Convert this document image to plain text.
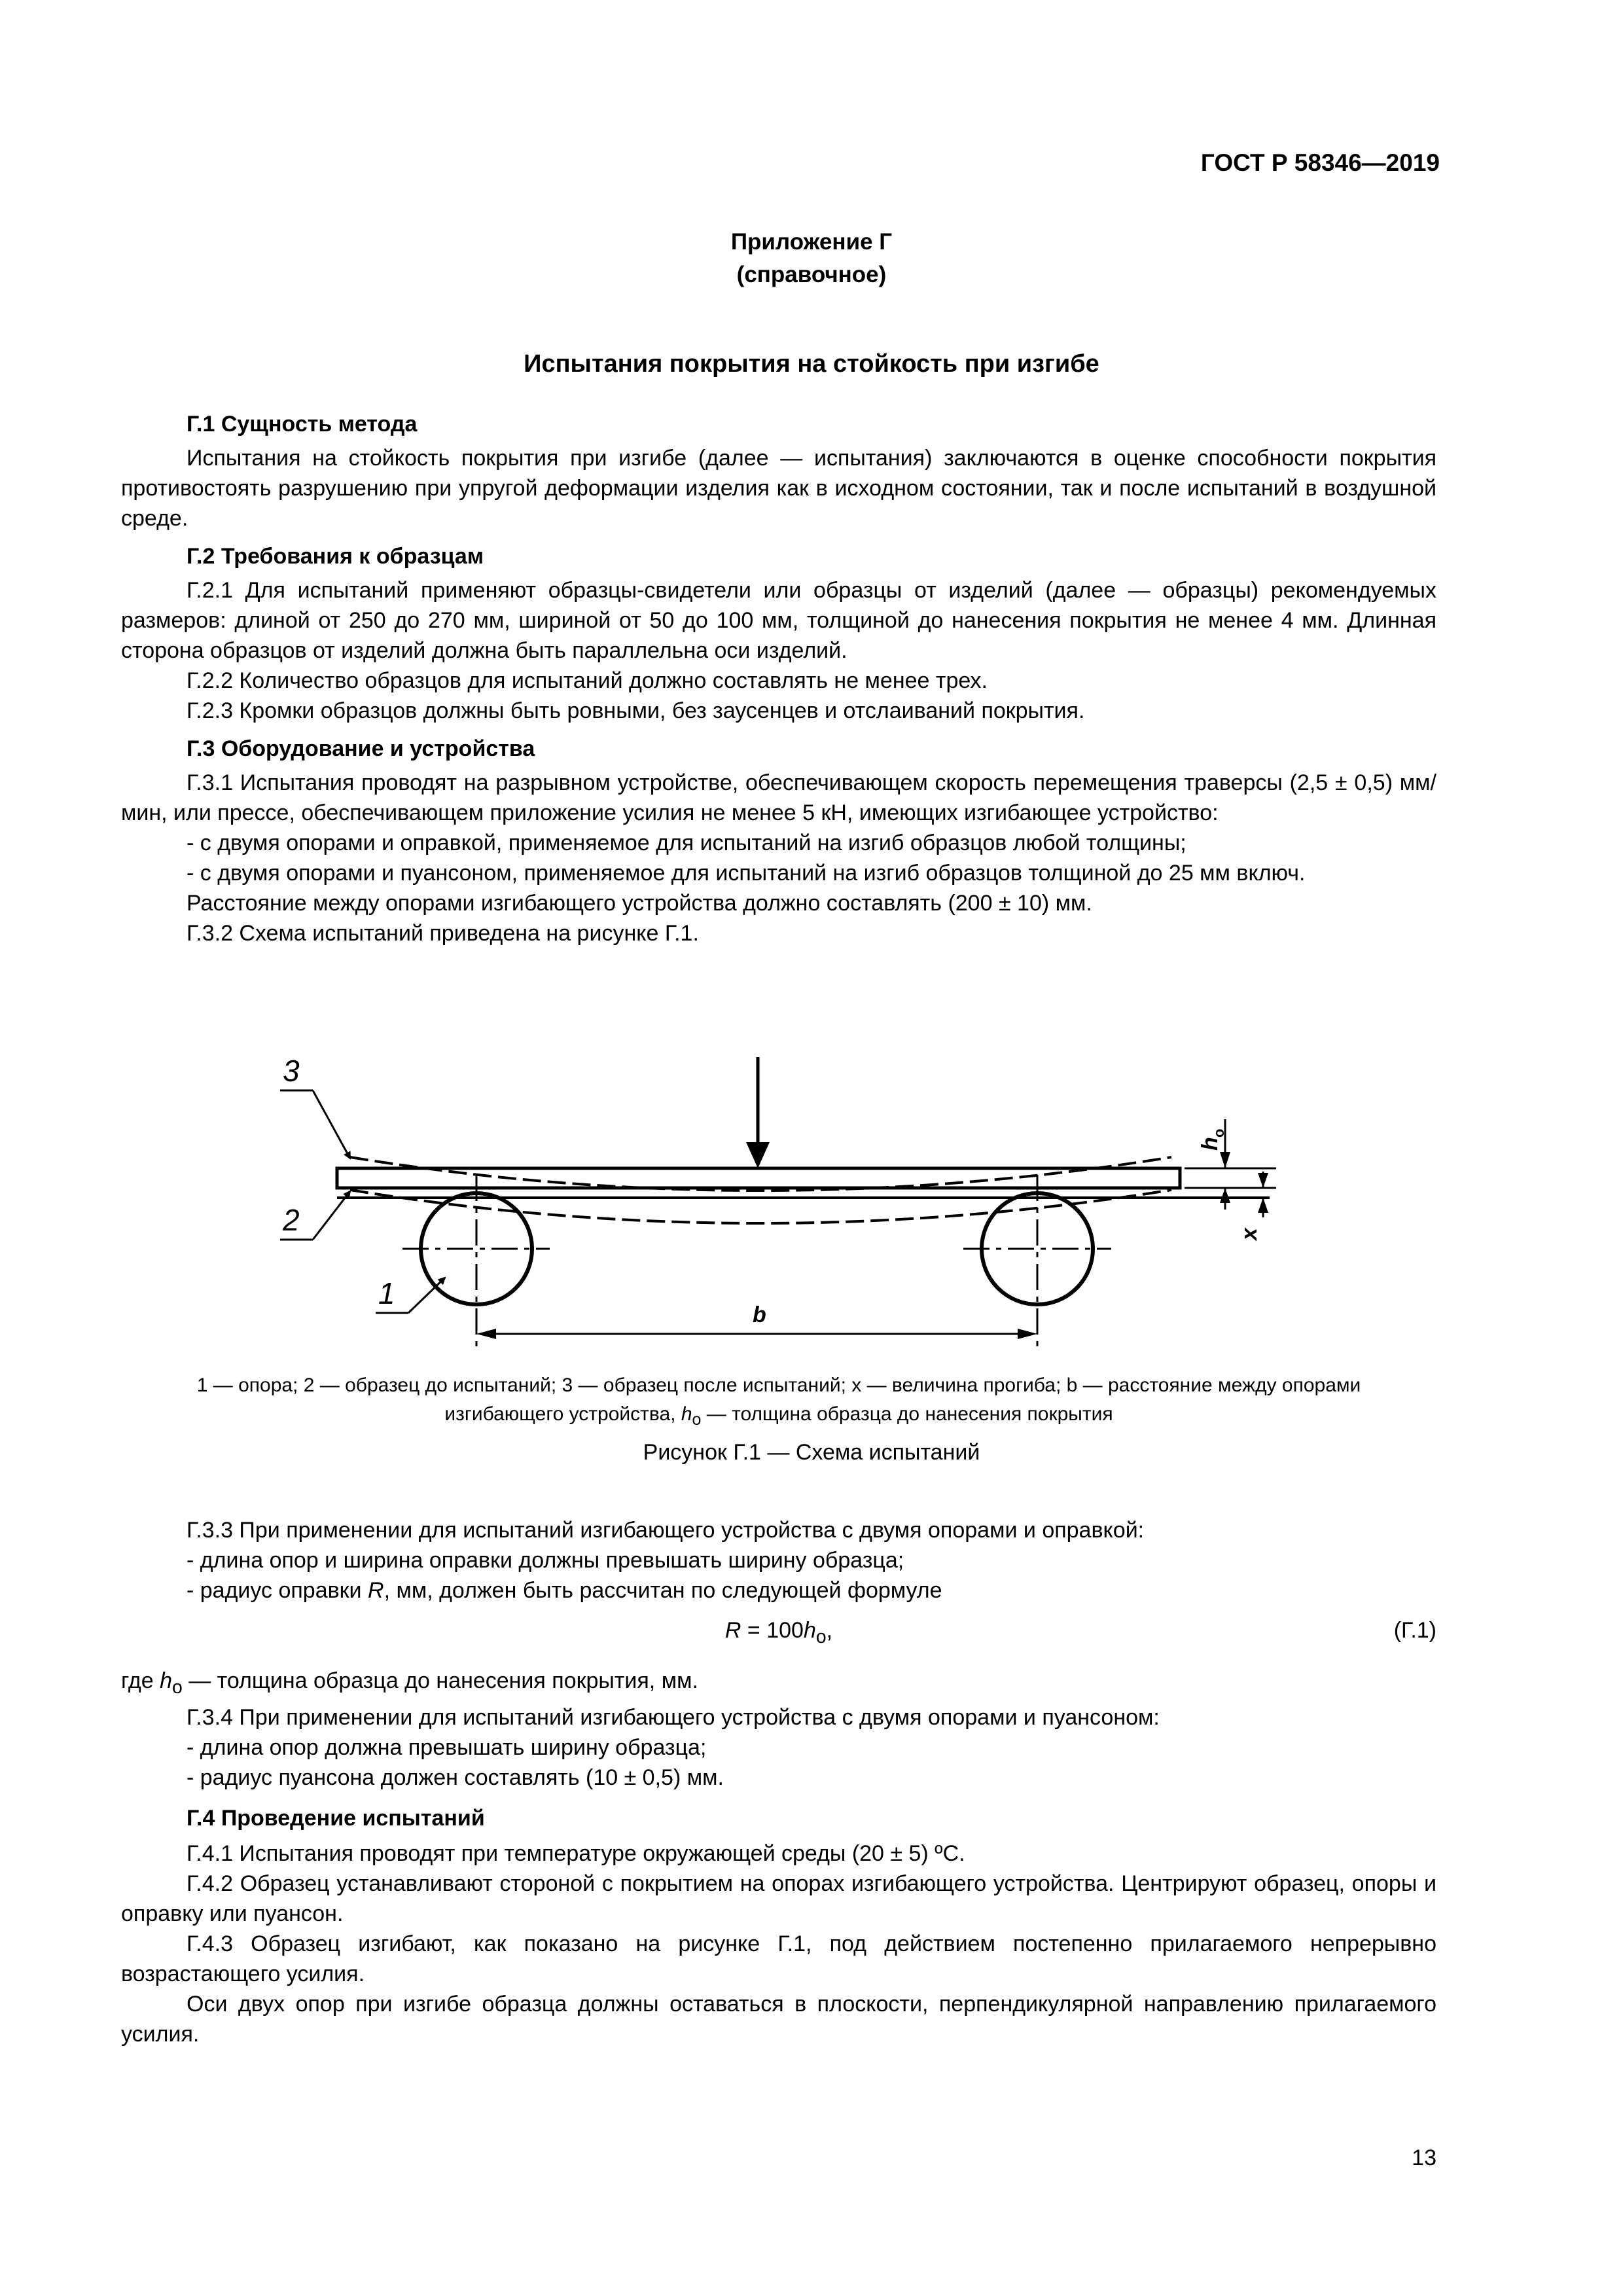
ГОСТ Р 58346—2019
Приложение Г
(справочное)
Испытания покрытия на стойкость при изгибе
Г.1 Сущность метода

Испытания на стойкость покрытия при изгибе (далее — испытания) заключаются в оценке способности покрытия противостоять разрушению при упругой деформации изделия как в исходном состоянии, так и после испытаний в воздушной среде.

Г.2 Требования к образцам

Г.2.1 Для испытаний применяют образцы-свидетели или образцы от изделий (далее — образцы) рекомендуемых размеров: длиной от 250 до 270 мм, шириной от 50 до 100 мм, толщиной до нанесения покрытия не менее 4 мм. Длинная сторона образцов от изделий должна быть параллельна оси изделий.

Г.2.2 Количество образцов для испытаний должно составлять не менее трех.

Г.2.3 Кромки образцов должны быть ровными, без заусенцев и отслаиваний покрытия.

Г.3 Оборудование и устройства

Г.3.1 Испытания проводят на разрывном устройстве, обеспечивающем скорость перемещения траверсы (2,5 ± 0,5) мм/мин, или прессе, обеспечивающем приложение усилия не менее 5 кН, имеющих изгибающее устройство:

- с двумя опорами и оправкой, применяемое для испытаний на изгиб образцов любой толщины;

- с двумя опорами и пуансоном, применяемое для испытаний на изгиб образцов толщиной до 25 мм включ.

Расстояние между опорами изгибающего устройства должно составлять (200 ± 10) мм.

Г.3.2 Схема испытаний приведена на рисунке Г.1.

b
h
o
x
3
2
1
1 — опора; 2 — образец до испытаний; 3 — образец после испытаний; x — величина прогиба; b — расстояние между опорами
изгибающего устройства, $h_o$ — толщина образца до нанесения покрытия
Рисунок Г.1 — Схема испытаний

Г.3.3 При применении для испытаний изгибающего устройства с двумя опорами и оправкой:

- длина опор и ширина оправки должны превышать ширину образца;

- радиус оправки R, мм, должен быть рассчитан по следующей формуле

$R = 100h_o$,	(Г.1)

где $h_o$ — толщина образца до нанесения покрытия, мм.

Г.3.4 При применении для испытаний изгибающего устройства с двумя опорами и пуансоном:

- длина опор должна превышать ширину образца;

- радиус пуансона должен составлять (10 ± 0,5) мм.

Г.4 Проведение испытаний

Г.4.1 Испытания проводят при температуре окружающей среды (20 ± 5) ºС.

Г.4.2 Образец устанавливают стороной с покрытием на опорах изгибающего устройства. Центрируют образец, опоры и оправку или пуансон.

Г.4.3 Образец изгибают, как показано на рисунке Г.1, под действием постепенно прилагаемого непрерывно возрастающего усилия.

Оси двух опор при изгибе образца должны оставаться в плоскости, перпендикулярной направлению прилагаемого усилия.

13
